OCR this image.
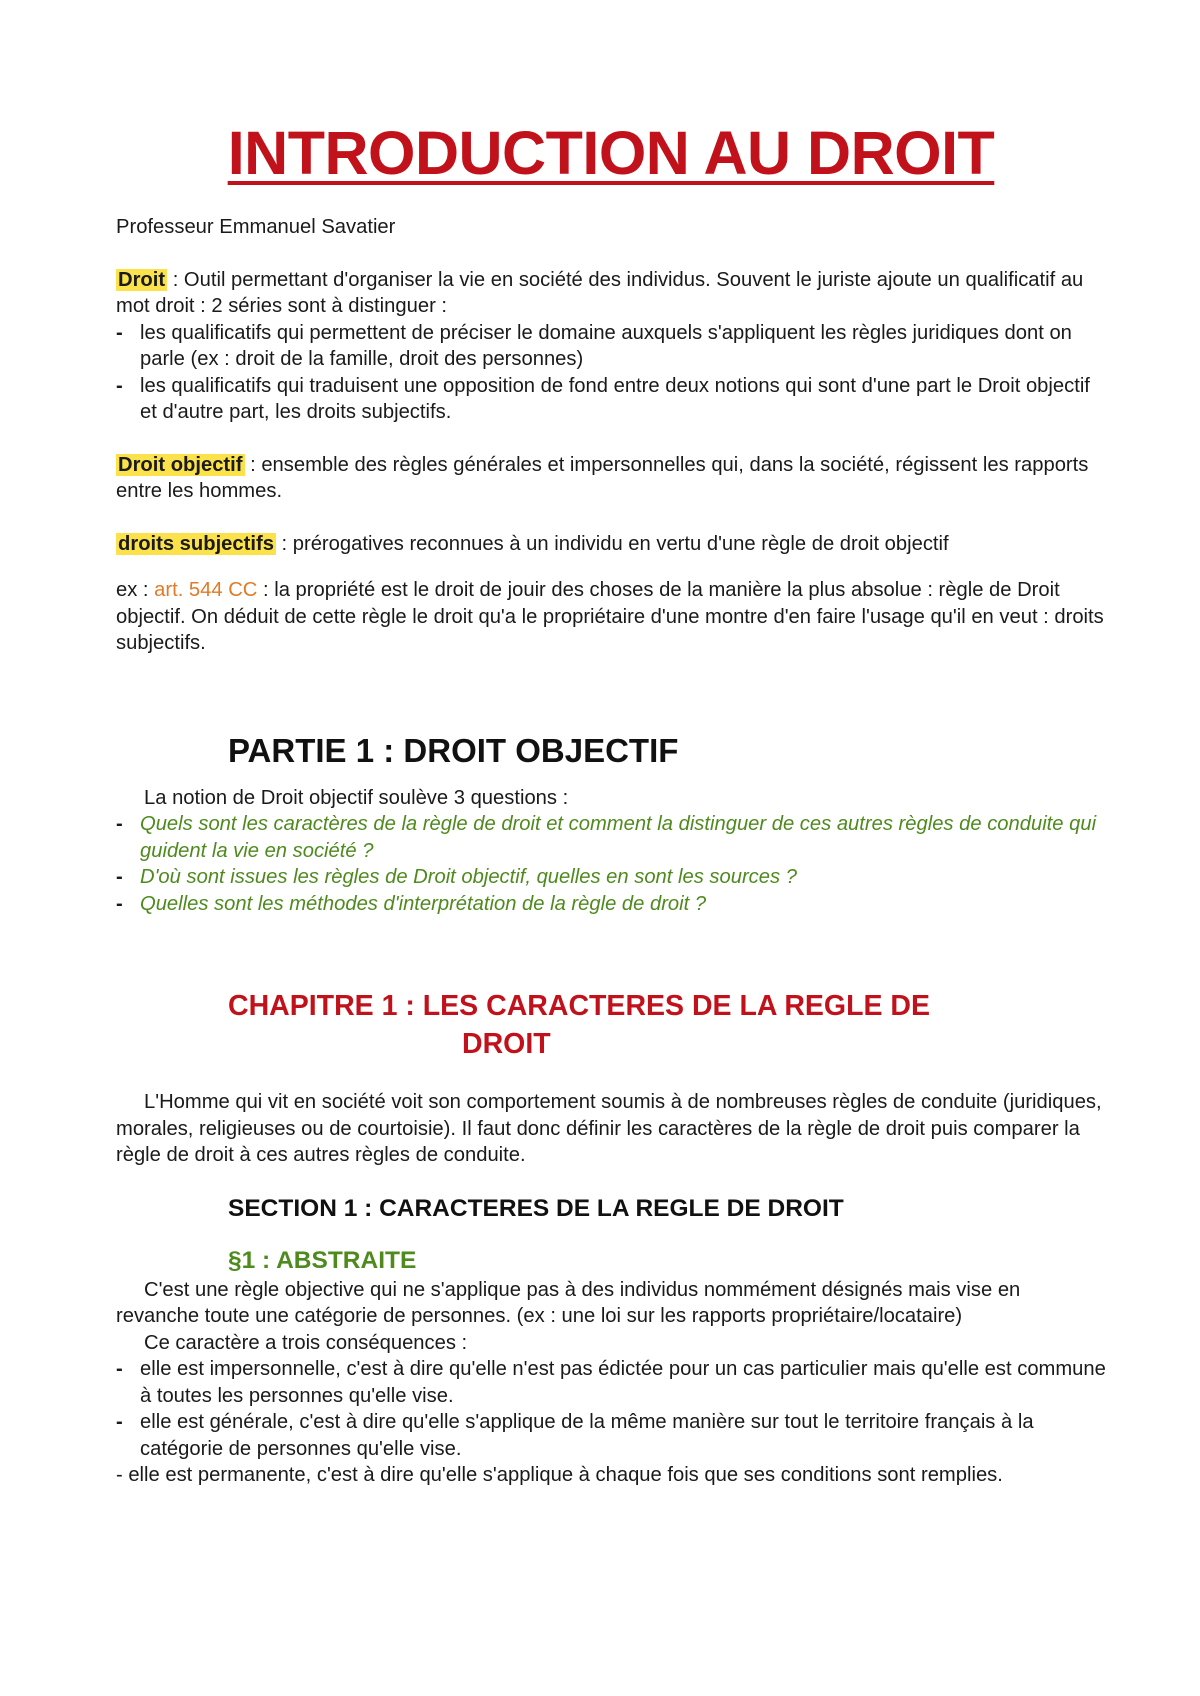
INTRODUCTION AU DROIT

Professeur Emmanuel Savatier

Droit : Outil permettant d'organiser la vie en société des individus. Souvent le juriste ajoute un qualificatif au mot droit : 2 séries sont à distinguer :

- les qualificatifs qui permettent de préciser le domaine auxquels s'appliquent les règles juridiques dont on parle (ex : droit de la famille, droit des personnes)
- les qualificatifs qui traduisent une opposition de fond entre deux notions qui sont d'une part le Droit objectif et d'autre part, les droits subjectifs.

Droit objectif : ensemble des règles générales et impersonnelles qui, dans la société, régissent les rapports entre les hommes.

droits subjectifs : prérogatives reconnues à un individu en vertu d'une règle de droit objectif

ex : art. 544 CC : la propriété est le droit de jouir des choses de la manière la plus absolue : règle de Droit objectif. On déduit de cette règle le droit qu'a le propriétaire d'une montre d'en faire l'usage qu'il en veut : droits subjectifs.

PARTIE 1 : DROIT OBJECTIF

La notion de Droit objectif soulève 3 questions :

- Quels sont les caractères de la règle de droit et comment la distinguer de ces autres règles de conduite qui guident la vie en société ?
- D'où sont issues les règles de Droit objectif, quelles en sont les sources ?
- Quelles sont les méthodes d'interprétation de la règle de droit ?
CHAPITRE 1 : LES CARACTERES DE LA REGLE DE
DROIT

L'Homme qui vit en société voit son comportement soumis à de nombreuses règles de conduite (juridiques, morales, religieuses ou de courtoisie). Il faut donc définir les caractères de la règle de droit puis comparer la règle de droit à ces autres règles de conduite.

SECTION 1 : CARACTERES DE LA REGLE DE DROIT
§1 : ABSTRAITE

C'est une règle objective qui ne s'applique pas à des individus nommément désignés mais vise en revanche toute une catégorie de personnes. (ex : une loi sur les rapports propriétaire/locataire)

Ce caractère a trois conséquences :

- elle est impersonnelle, c'est à dire qu'elle n'est pas édictée pour un cas particulier mais qu'elle est commune à toutes les personnes qu'elle vise.
- elle est générale, c'est à dire qu'elle s'applique de la même manière sur tout le territoire français à la catégorie de personnes qu'elle vise.

- elle est permanente, c'est à dire qu'elle s'applique à chaque fois que ses conditions sont remplies.
